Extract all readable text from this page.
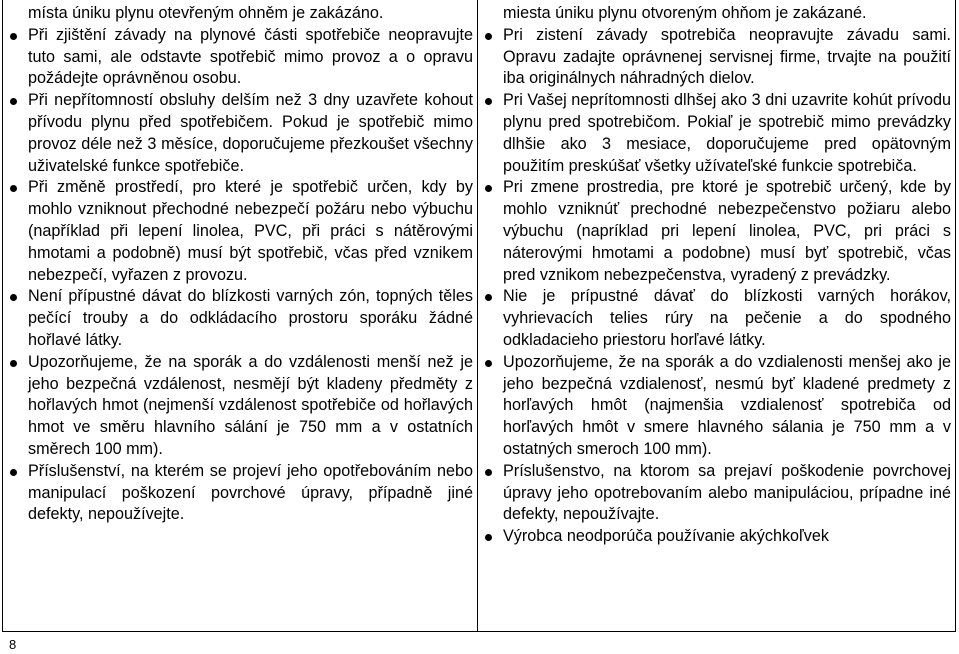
místa úniku plynu otevřeným ohněm je zakázáno.

Při zjištění závady na plynové části spotřebiče neopravujte tuto sami, ale odstavte spotřebič mimo provoz a o opravu požádejte oprávněnou osobu.
Při nepřítomností obsluhy delším než 3 dny uzavřete kohout přívodu plynu před spotřebičem. Pokud je spotřebič mimo provoz déle než 3 měsíce, doporučujeme přezkoušet všechny uživatelské funkce spotřebiče.
Při změně prostředí, pro které je spotřebič určen, kdy by mohlo vzniknout přechodné nebezpečí požáru nebo výbuchu (například při lepení linolea, PVC, při práci s nátěrovými hmotami a podobně) musí být spotřebič, včas před vznikem nebezpečí, vyřazen z provozu.
Není přípustné dávat do blízkosti varných zón, topných těles pečící trouby a do odkládacího prostoru sporáku žádné hořlavé látky.
Upozorňujeme, že na sporák a do vzdálenosti menší než je jeho bezpečná vzdálenost, nesmějí být kladeny předměty z hořlavých hmot (nejmenší vzdálenost spotřebiče od hořlavých hmot ve směru hlavního sálání je 750 mm a v ostatních směrech 100 mm).
Příslušenství, na kterém se projeví jeho opotřebováním nebo manipulací poškození povrchové úpravy, případně jiné defekty, nepoužívejte.

miesta úniku plynu otvoreným ohňom je zakázané.

Pri zistení závady spotrebiča neopravujte závadu sami. Opravu zadajte oprávnenej servisnej firme, trvajte na použití iba originálnych náhradných dielov.
Pri Vašej neprítomnosti dlhšej ako 3 dni uzavrite kohút prívodu plynu pred spotrebičom. Pokiaľ je spotrebič mimo prevádzky dlhšie ako 3 mesiace, doporučujeme pred opätovným použitím preskúšať všetky užívateľské funkcie spotrebiča.
Pri zmene prostredia, pre ktoré je spotrebič určený, kde by mohlo vzniknúť prechodné nebezpečenstvo požiaru alebo výbuchu (napríklad pri lepení linolea, PVC, pri práci s náterovými hmotami a podobne) musí byť spotrebič, včas pred vznikom nebezpečenstva, vyradený z prevádzky.
Nie je prípustné dávať do blízkosti varných horákov, vyhrievacích telies rúry na pečenie a do spodného odkladacieho priestoru horľavé látky.
Upozorňujeme, že na sporák a do vzdialenosti menšej ako je jeho bezpečná vzdialenosť, nesmú byť kladené predmety z horľavých hmôt (najmenšia vzdialenosť spotrebiča od horľavých hmôt v smere hlavného sálania je 750 mm a v ostatných smeroch 100 mm).
Príslušenstvo, na ktorom sa prejaví poškodenie povrchovej úpravy jeho opotrebovaním alebo manipuláciou, prípadne iné defekty, nepoužívajte.
Výrobca neodporúča používanie akýchkoľvek
8
